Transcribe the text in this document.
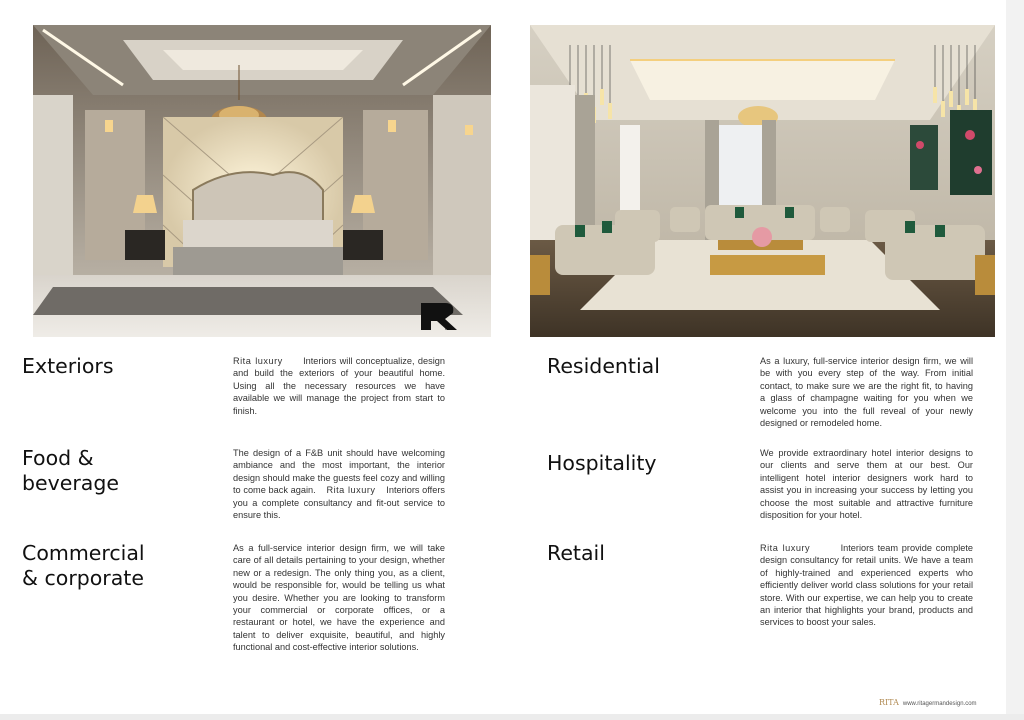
RITA
Exteriors	Rita luxury Interiors will conceptualize, design and build the exteriors of your beautiful home. Using all the necessary resources we have available we will manage the project from start to finish.

Food &
beverage

The design of a F&B unit should have welcoming ambiance and the most important, the interior design should make the guests feel cozy and willing to come back again. Rita luxury Interiors offers you a complete consultancy and fit-out service to ensure this.

Commercial
& corporate

As a full-service interior design firm, we will take care of all details pertaining to your design, whether new or a redesign. The only thing you, as a client, would be responsible for, would be telling us what you desire. Whether you are looking to transform your commercial or corporate offices, or a restaurant or hotel, we have the experience and talent to deliver exquisite, beautiful, and highly functional and cost-effective interior solutions.

Residential	As a luxury, full-service interior design firm, we will be with you every step of the way. From initial contact, to make sure we are the right fit, to having a glass of champagne waiting for you when we welcome you into the full reveal of your newly designed or remodeled home.

Hospitality	We provide extraordinary hotel interior designs to our clients and serve them at our best. Our intelligent hotel interior designers work hard to assist you in increasing your success by letting you choose the most suitable and attractive furniture disposition for your hotel.

Retail	Rita luxury	Interiors team provide complete design consultancy for retail units. We have a team of highly-trained and experienced experts who efficiently deliver world class solutions for your retail store. With our expertise, we can help you to create an interior that highlights your brand, products and services to boost your sales.

RITA www.ritagermandesign.com
